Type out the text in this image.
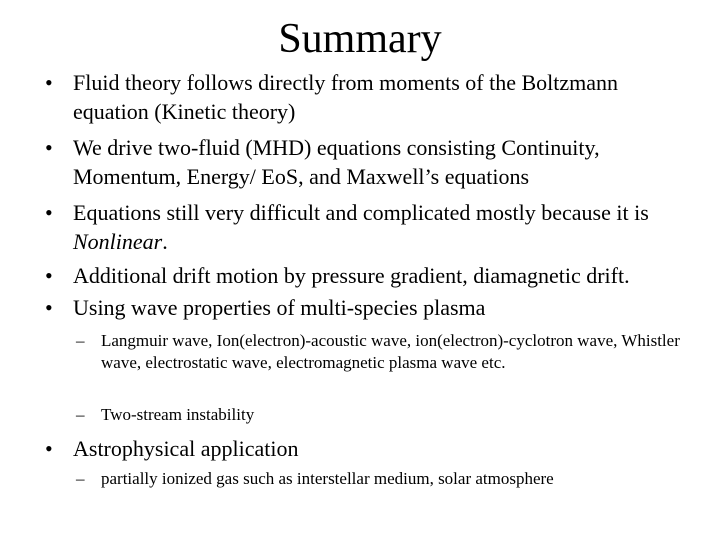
Summary
• Fluid theory follows directly from moments of the Boltzmann equation (Kinetic theory)
• We drive two-fluid (MHD) equations consisting Continuity, Momentum, Energy/ EoS, and Maxwell’s equations
• Equations still very difficult and complicated mostly because it is Nonlinear.
• Additional drift motion by pressure gradient, diamagnetic drift.
• Using wave properties of multi-species plasma
– Langmuir wave, Ion(electron)-acoustic wave, ion(electron)-cyclotron wave, Whistler wave, electrostatic wave, electromagnetic plasma wave etc.
– Two-stream instability
• Astrophysical application
– partially ionized gas such as interstellar medium, solar atmosphere
